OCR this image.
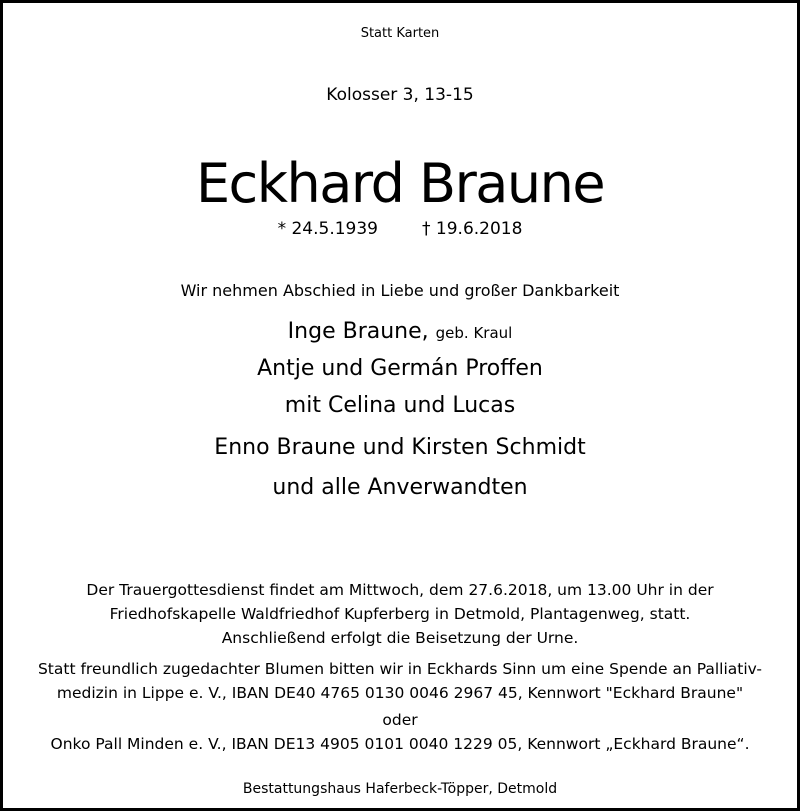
Statt Karten
Kolosser 3, 13-15
Eckhard Braune
* 24.5.1939	† 19.6.2018
Wir nehmen Abschied in Liebe und großer Dankbarkeit
Inge Braune, geb. Kraul
Antje und Germán Proffen
mit Celina und Lucas
Enno Braune und Kirsten Schmidt
und alle Anverwandten
Der Trauergottesdienst findet am Mittwoch, dem 27.6.2018, um 13.00 Uhr in der
Friedhofskapelle Waldfriedhof Kupferberg in Detmold, Plantagenweg, statt.
Anschließend erfolgt die Beisetzung der Urne.
Statt freundlich zugedachter Blumen bitten wir in Eckhards Sinn um eine Spende an Palliativ-
medizin in Lippe e. V., IBAN DE40 4765 0130 0046 2967 45, Kennwort "Eckhard Braune"
oder
Onko Pall Minden e. V., IBAN DE13 4905 0101 0040 1229 05, Kennwort „Eckhard Braune“.
Bestattungshaus Haferbeck-Töpper, Detmold
